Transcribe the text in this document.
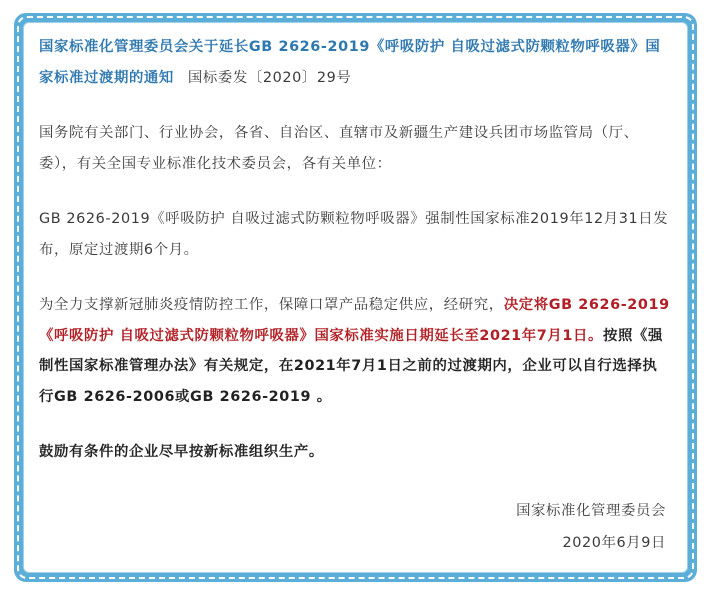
国家标准化管理委员会关于延长GB 2626-2019《呼吸防护 自吸过滤式防颗粒物呼吸器》国家标准过渡期的通知 国标委发〔2020〕29号

国务院有关部门、行业协会，各省、自治区、直辖市及新疆生产建设兵团市场监管局（厅、委），有关全国专业标准化技术委员会，各有关单位：

GB 2626-2019《呼吸防护 自吸过滤式防颗粒物呼吸器》强制性国家标准2019年12月31日发布，原定过渡期6个月。

为全力支撑新冠肺炎疫情防控工作，保障口罩产品稳定供应，经研究，决定将GB 2626-2019《呼吸防护 自吸过滤式防颗粒物呼吸器》国家标准实施日期延长至2021年7月1日。按照《强制性国家标准管理办法》有关规定，在2021年7月1日之前的过渡期内，企业可以自行选择执行GB 2626-2006或GB 2626-2019 。

鼓励有条件的企业尽早按新标准组织生产。

国家标准化管理委员会
2020年6月9日
